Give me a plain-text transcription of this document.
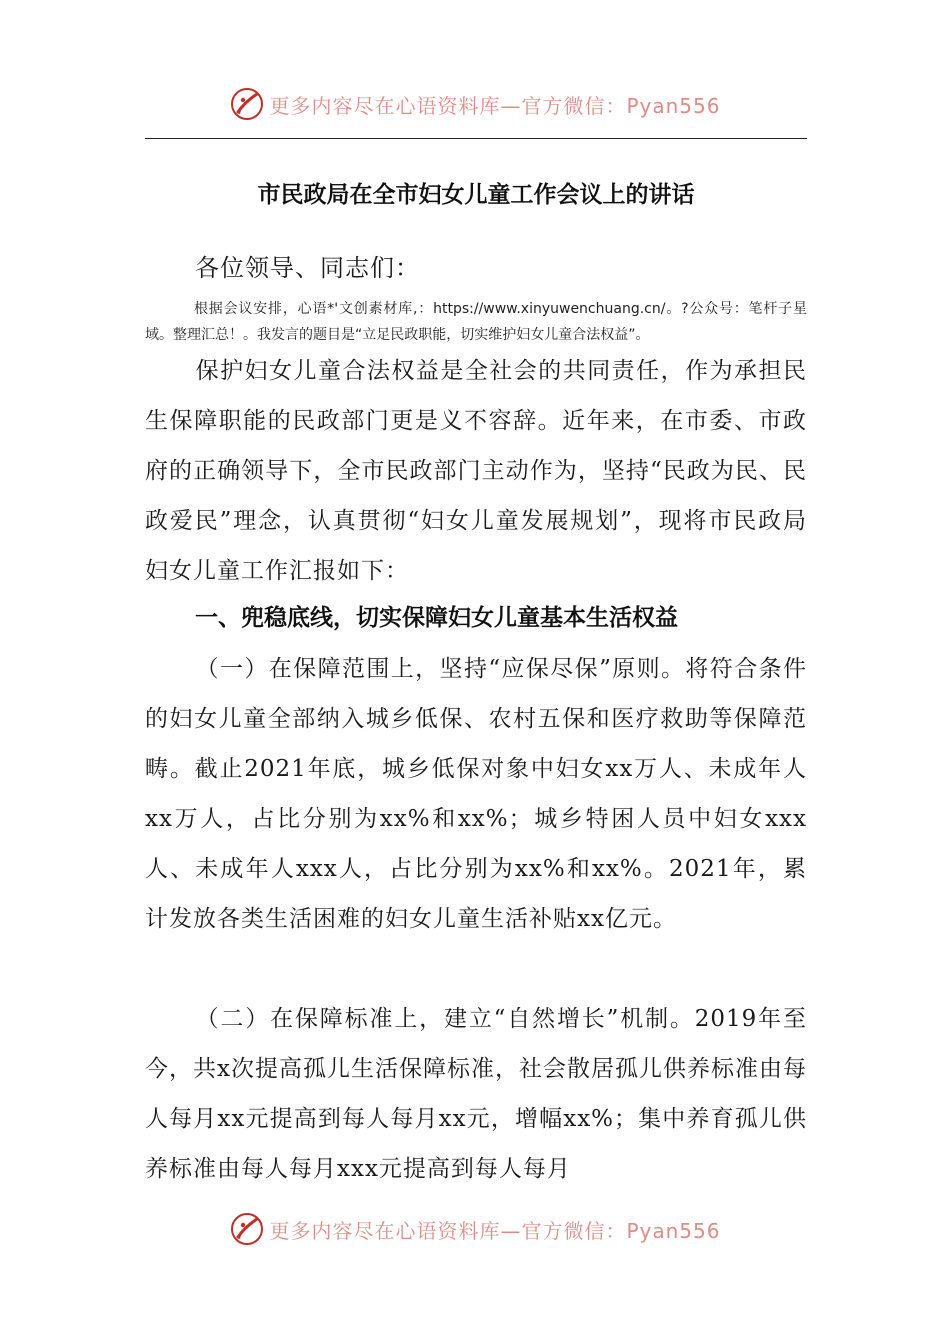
更多内容尽在心语资料库—官方微信：Pyan556
市民政局在全市妇女儿童工作会议上的讲话

各位领导、同志们：

根据会议安排，心语*'文创素材库,：https://www.xinyuwenchuang.cn/。?公众号：笔杆子星域。整理汇总！。我发言的题目是“立足民政职能，切实维护妇女儿童合法权益”。

保护妇女儿童合法权益是全社会的共同责任，作为承担民生保障职能的民政部门更是义不容辞。近年来，在市委、市政府的正确领导下，全市民政部门主动作为，坚持“民政为民、民政爱民”理念，认真贯彻“妇女儿童发展规划”，现将市民政局妇女儿童工作汇报如下：

一、兜稳底线，切实保障妇女儿童基本生活权益

（一）在保障范围上，坚持“应保尽保”原则。将符合条件的妇女儿童全部纳入城乡低保、农村五保和医疗救助等保障范畴。截止2021年底，城乡低保对象中妇女xx万人、未成年人xx万人，占比分别为xx%和xx%；城乡特困人员中妇女xxx人、未成年人xxx人，占比分别为xx%和xx%。2021年，累计发放各类生活困难的妇女儿童生活补贴xx亿元。

（二）在保障标准上，建立“自然增长”机制。2019年至今，共x次提高孤儿生活保障标准，社会散居孤儿供养标准由每人每月xx元提高到每人每月xx元，增幅xx%；集中养育孤儿供养标准由每人每月xxx元提高到每人每月

更多内容尽在心语资料库—官方微信：Pyan556
